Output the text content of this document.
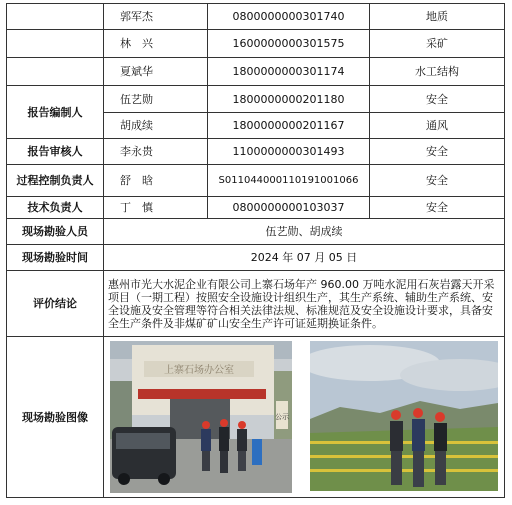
	郭军杰	0800000000301740	地质
	林　兴	1600000000301575	采矿
	夏斌华	1800000000301174	水工结构
报告编制人	伍艺勋	1800000000201180	安全
	胡成续	1800000000201167	通风
报告审核人	李永贵	1100000000301493	安全
过程控制负责人	舒　晗	S011044000110191001066	安全
技术负责人	丁　慎	0800000000103037	安全
现场勘验人员	伍艺勋、胡成续		
现场勘验时间	2024 年 07 月 05 日		
评价结论	惠州市光大水泥企业有限公司上寨石场年产 960.00 万吨水泥用石灰岩露天开采项目（一期工程）按照安全设施设计组织生产，其生产系统、辅助生产系统、安全设施及安全管理等符合相关法律法规、标准规范及安全设施设计要求，具备安全生产条件及非煤矿矿山安全生产许可证延期换证条件。		
现场勘验图像	上寨石场办公室
公示		
